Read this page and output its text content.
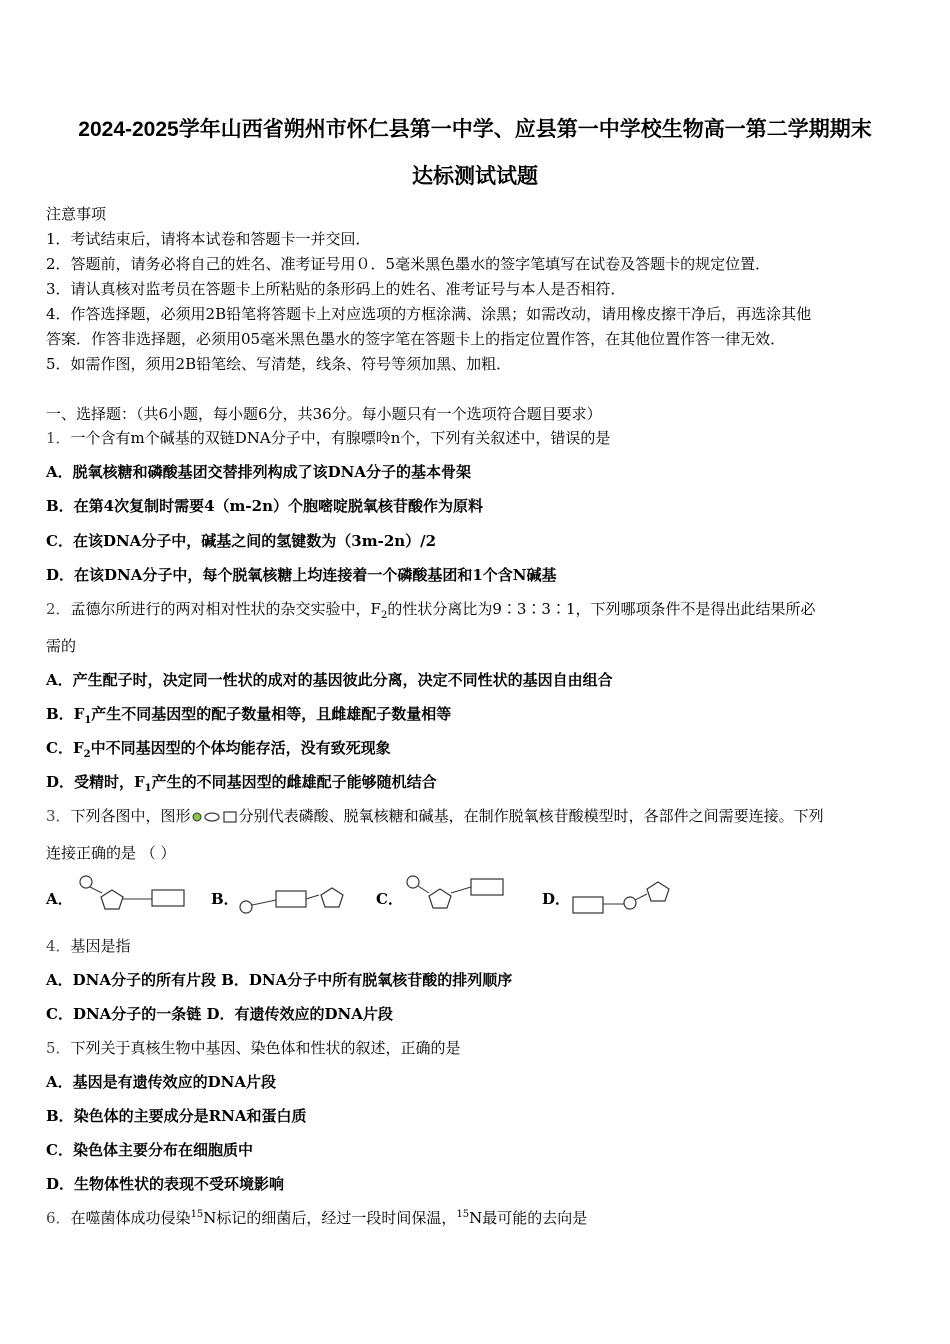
2024-2025学年山西省朔州市怀仁县第一中学、应县第一中学校生物高一第二学期期末
达标测试试题
注意事项
1．考试结束后，请将本试卷和答题卡一并交回．
2．答题前，请务必将自己的姓名、准考证号用０．5毫米黑色墨水的签字笔填写在试卷及答题卡的规定位置．
3．请认真核对监考员在答题卡上所粘贴的条形码上的姓名、准考证号与本人是否相符．
4．作答选择题，必须用2B铅笔将答题卡上对应选项的方框涂满、涂黑；如需改动，请用橡皮擦干净后，再选涂其他
答案．作答非选择题，必须用05毫米黑色墨水的签字笔在答题卡上的指定位置作答，在其他位置作答一律无效．
5．如需作图，须用2B铅笔绘、写清楚，线条、符号等须加黑、加粗．
一、选择题：（共6小题，每小题6分，共36分。每小题只有一个选项符合题目要求）
1．一个含有m个碱基的双链DNA分子中，有腺嘌呤n个，下列有关叙述中，错误的是
A．脱氧核糖和磷酸基团交替排列构成了该DNA分子的基本骨架
B．在第4次复制时需要4（m-2n）个胞嘧啶脱氧核苷酸作为原料
C．在该DNA分子中，碱基之间的氢键数为（3m-2n）/2
D．在该DNA分子中，每个脱氧核糖上均连接着一个磷酸基团和1个含N碱基
2．孟德尔所进行的两对相对性状的杂交实验中，$F_2$的性状分离比为9∶3∶3∶1，下列哪项条件不是得出此结果所必
需的
A．产生配子时，决定同一性状的成对的基因彼此分离，决定不同性状的基因自由组合
B．$F_1$产生不同基因型的配子数量相等，且雌雄配子数量相等
C．$F_2$中不同基因型的个体均能存活，没有致死现象
D．受精时，$F_1$产生的不同基因型的雌雄配子能够随机结合
3．下列各图中，图形	分别代表磷酸、脱氧核糖和碱基，在制作脱氧核苷酸模型时，各部件之间需要连接。下列
连接正确的是 （ ）
A．	B．	C．	D．
4．基因是指
A．DNA分子的所有片段 B．DNA分子中所有脱氧核苷酸的排列顺序
C．DNA分子的一条链 D．有遗传效应的DNA片段
5．下列关于真核生物中基因、染色体和性状的叙述，正确的是
A．基因是有遗传效应的DNA片段
B．染色体的主要成分是RNA和蛋白质
C．染色体主要分布在细胞质中
D．生物体性状的表现不受环境影响
6．在噬菌体成功侵染$^{15}$N标记的细菌后，经过一段时间保温，$^{15}$N最可能的去向是
